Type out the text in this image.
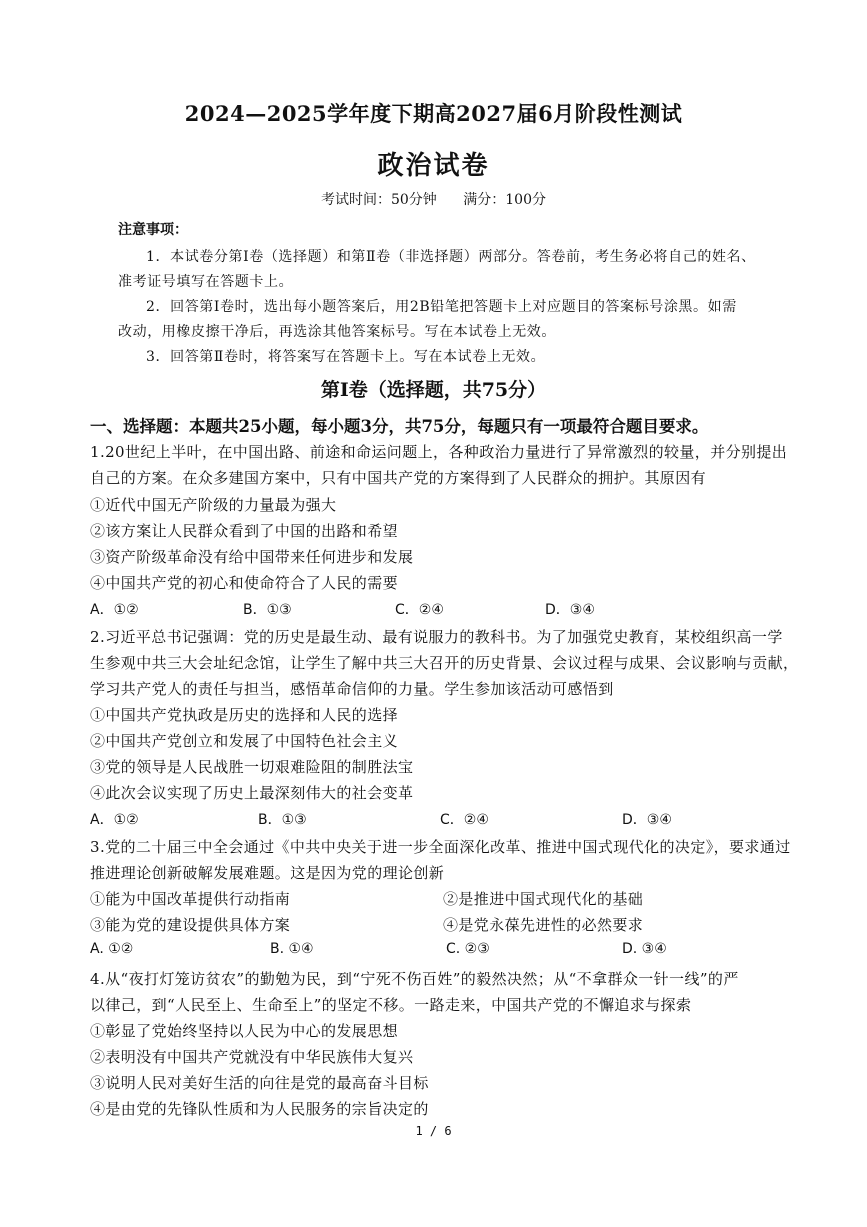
2024—2025学年度下期高2027届6月阶段性测试
政治试卷
考试时间：50分钟 满分：100分
注意事项：
1．本试卷分第Ⅰ卷（选择题）和第Ⅱ卷（非选择题）两部分。答卷前，考生务必将自己的姓名、
准考证号填写在答题卡上。
2．回答第Ⅰ卷时，选出每小题答案后，用2B铅笔把答题卡上对应题目的答案标号涂黑。如需
改动，用橡皮擦干净后，再选涂其他答案标号。写在本试卷上无效。
3．回答第Ⅱ卷时，将答案写在答题卡上。写在本试卷上无效。
第Ⅰ卷（选择题，共75分）
一、选择题：本题共25小题，每小题3分，共75分，每题只有一项最符合题目要求。
1.20世纪上半叶，在中国出路、前途和命运问题上，各种政治力量进行了异常激烈的较量，并分别提出
自己的方案。在众多建国方案中，只有中国共产党的方案得到了人民群众的拥护。其原因有
①近代中国无产阶级的力量最为强大
②该方案让人民群众看到了中国的出路和希望
③资产阶级革命没有给中国带来任何进步和发展
④中国共产党的初心和使命符合了人民的需要
A．①②	B．①③	C．②④	D．③④
2.习近平总书记强调：党的历史是最生动、最有说服力的教科书。为了加强党史教育，某校组织高一学
生参观中共三大会址纪念馆，让学生了解中共三大召开的历史背景、会议过程与成果、会议影响与贡献，
学习共产党人的责任与担当，感悟革命信仰的力量。学生参加该活动可感悟到
①中国共产党执政是历史的选择和人民的选择
②中国共产党创立和发展了中国特色社会主义
③党的领导是人民战胜一切艰难险阻的制胜法宝
④此次会议实现了历史上最深刻伟大的社会变革
A．①②	B．①③	C．②④	D．③④
3.党的二十届三中全会通过《中共中央关于进一步全面深化改革、推进中国式现代化的决定》，要求通过
推进理论创新破解发展难题。这是因为党的理论创新
①能为中国改革提供行动指南	②是推进中国式现代化的基础
③能为党的建设提供具体方案	④是党永葆先进性的必然要求
A. ①②	B. ①④	C. ②③	D. ③④
4.从“夜打灯笼访贫农”的勤勉为民，到“宁死不伤百姓”的毅然决然；从“不拿群众一针一线”的严
以律己，到“人民至上、生命至上”的坚定不移。一路走来，中国共产党的不懈追求与探索
①彰显了党始终坚持以人民为中心的发展思想
②表明没有中国共产党就没有中华民族伟大复兴
③说明人民对美好生活的向往是党的最高奋斗目标
④是由党的先锋队性质和为人民服务的宗旨决定的
1 / 6
